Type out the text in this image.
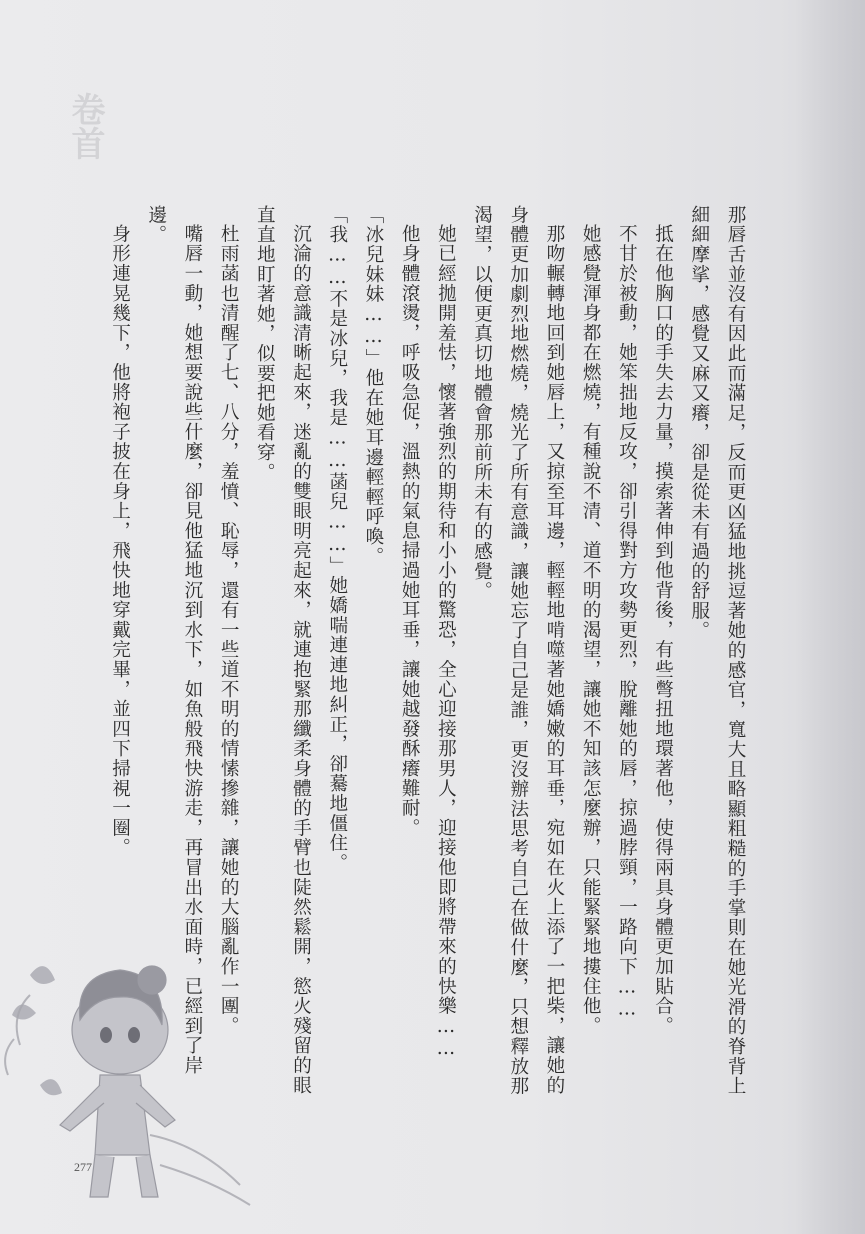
卷首

那唇舌並沒有因此而滿足，反而更凶猛地挑逗著她的感官，寬大且略顯粗糙的手掌則在她光滑的脊背上細細摩挲，感覺又麻又癢，卻是從未有過的舒服。

抵在他胸口的手失去力量，摸索著伸到他背後，有些彆扭地環著他，使得兩具身體更加貼合。

不甘於被動，她笨拙地反攻，卻引得對方攻勢更烈，脫離她的唇，掠過脖頸，一路向下……

她感覺渾身都在燃燒，有種說不清、道不明的渴望，讓她不知該怎麼辦，只能緊緊地摟住他。

那吻輾轉地回到她唇上，又掠至耳邊，輕輕地啃噬著她嬌嫩的耳垂，宛如在火上添了一把柴，讓她的身體更加劇烈地燃燒，燒光了所有意識，讓她忘了自己是誰，更沒辦法思考自己在做什麼，只想釋放那渴望，以便更真切地體會那前所未有的感覺。

她已經拋開羞怯，懷著強烈的期待和小小的驚恐，全心迎接那男人，迎接他即將帶來的快樂……

他身體滾燙，呼吸急促，溫熱的氣息掃過她耳垂，讓她越發酥癢難耐。

「冰兒妹妹……」他在她耳邊輕輕呼喚。

「我……不是冰兒，我是……菡兒……」她嬌喘連連地糾正，卻驀地僵住。

沉淪的意識清晰起來，迷亂的雙眼明亮起來，就連抱緊那纖柔身體的手臂也陡然鬆開，慾火殘留的眼直直地盯著她，似要把她看穿。

杜雨菡也清醒了七、八分，羞憤、恥辱，還有一些道不明的情愫摻雜，讓她的大腦亂作一團。

嘴唇一動，她想要說些什麼，卻見他猛地沉到水下，如魚般飛快游走，再冒出水面時，已經到了岸邊。

身形連晃幾下，他將袍子披在身上，飛快地穿戴完畢，並四下掃視一圈。

277
